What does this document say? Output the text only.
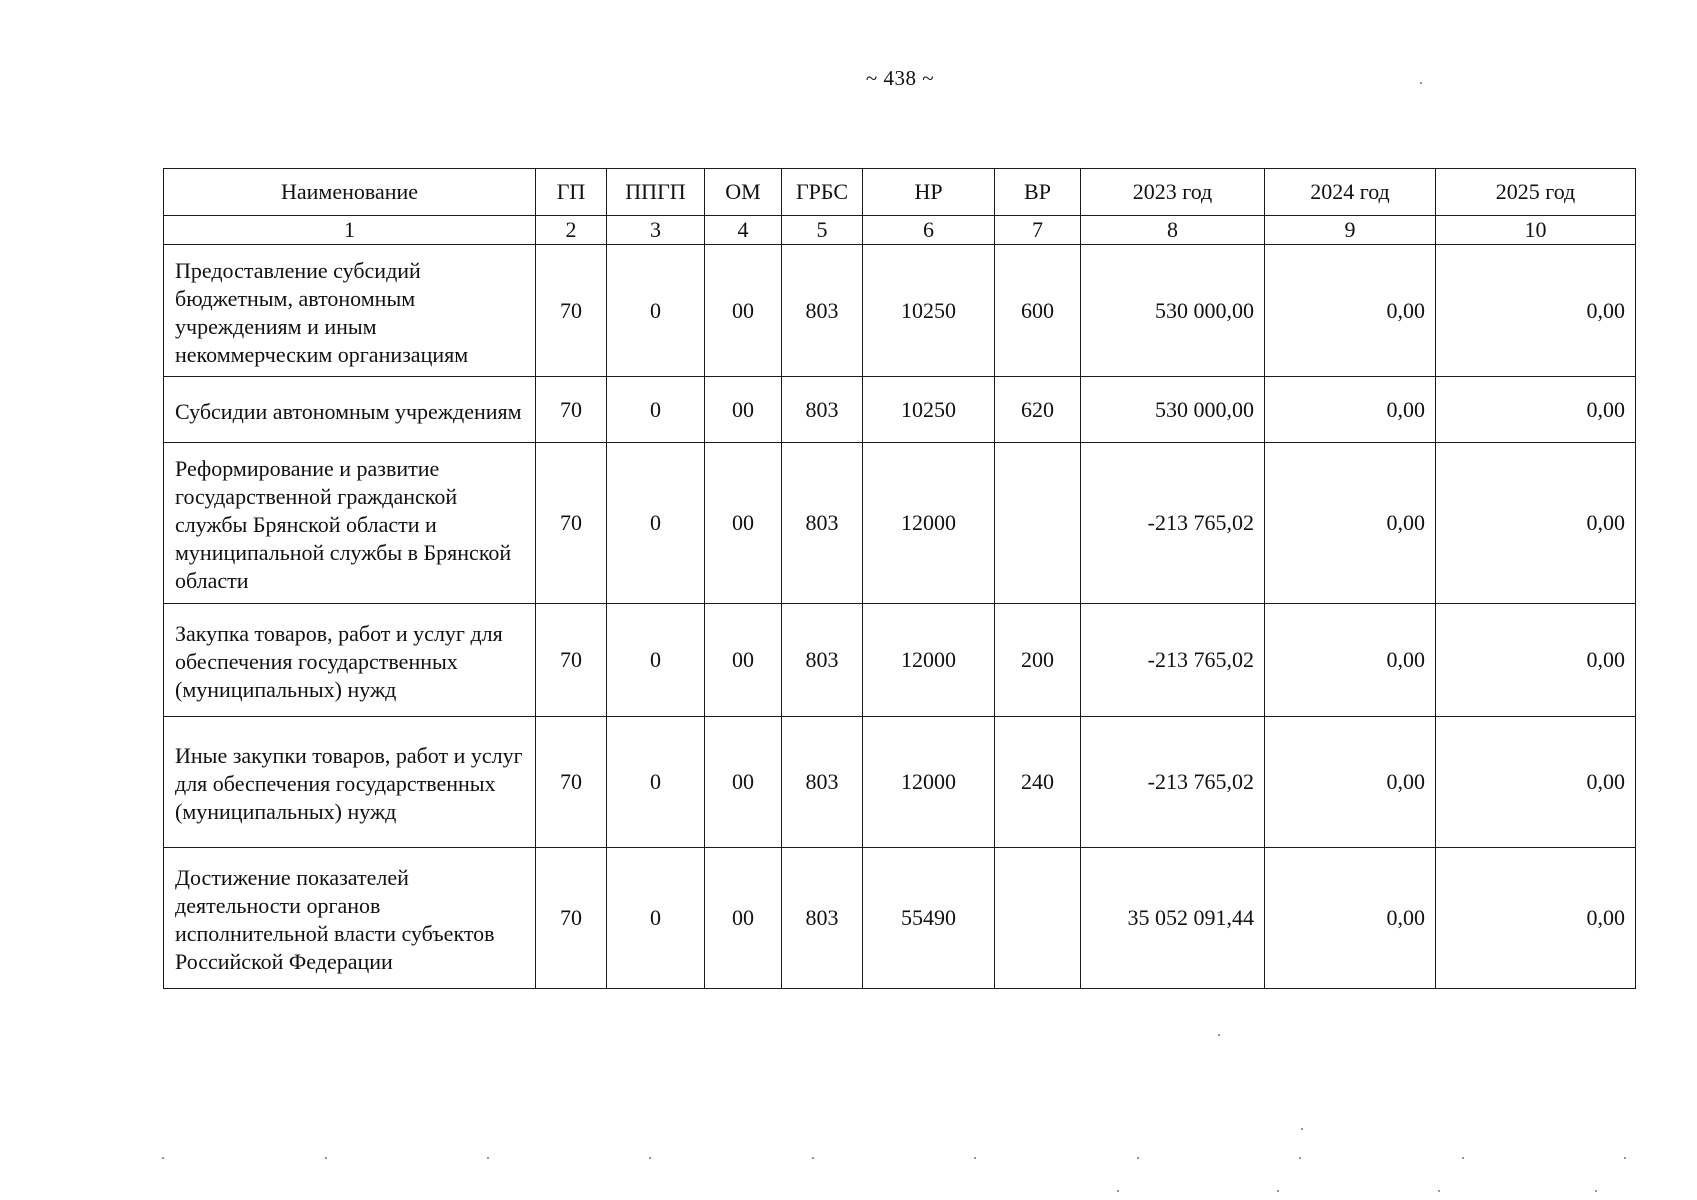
~ 438 ~
Наименование	ГП	ППГП	ОМ	ГРБС	НР	ВР	2023 год	2024 год	2025 год
1	2	3	4	5	6	7	8	9	10
Предоставление субсидий бюджетным, автономным учреждениям и иным некоммерческим организациям	70	0	00	803	10250	600	530 000,00	0,00	0,00
Субсидии автономным учреждениям	70	0	00	803	10250	620	530 000,00	0,00	0,00
Реформирование и развитие государственной гражданской службы Брянской области и муниципальной службы в Брянской области	70	0	00	803	12000		-213 765,02	0,00	0,00
Закупка товаров, работ и услуг для обеспечения государственных (муниципальных) нужд	70	0	00	803	12000	200	-213 765,02	0,00	0,00
Иные закупки товаров, работ и услуг для обеспечения государственных (муниципальных) нужд	70	0	00	803	12000	240	-213 765,02	0,00	0,00
Достижение показателей деятельности органов исполнительной власти субъектов Российской Федерации	70	0	00	803	55490		35 052 091,44	0,00	0,00
